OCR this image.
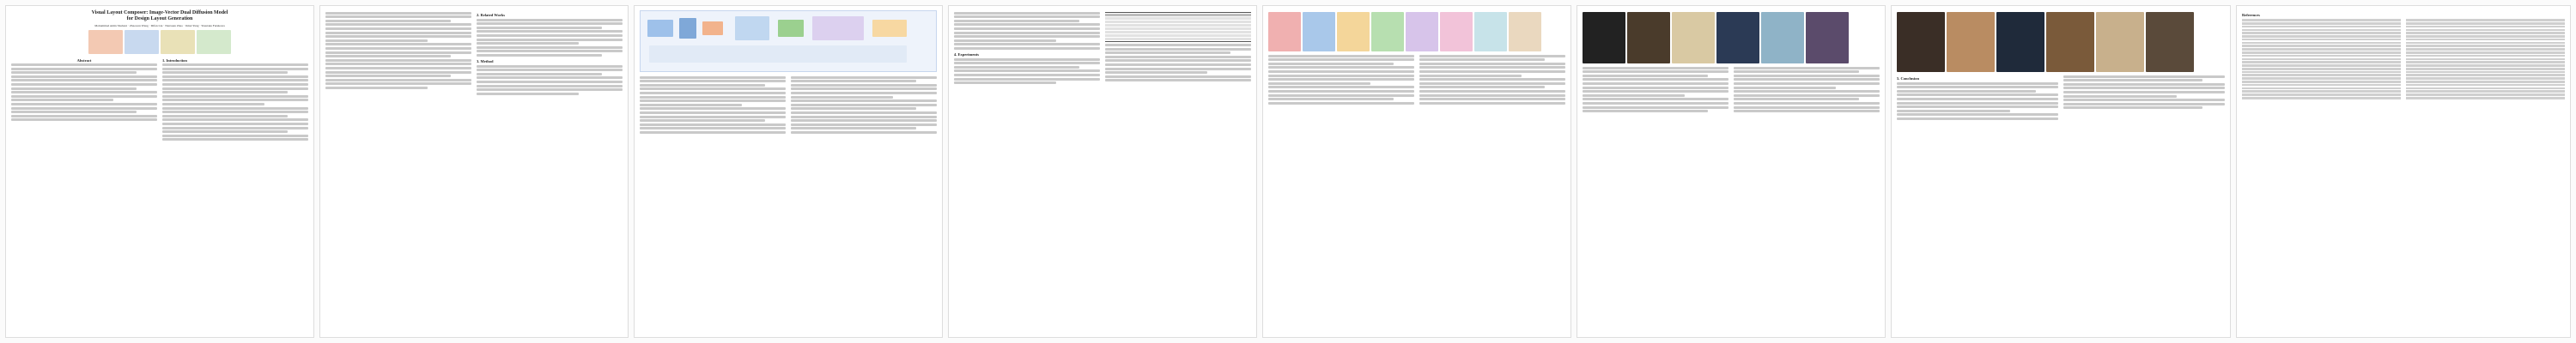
Visual Layout Composer: Image-Vector Dual Diffusion Model
for Design Layout Generation
Mohammad Amin Shabani · Zhaowen Wang · Difan Liu · Nanxuan Zhao · Jimei Yang · Yasutaka Furukawa
Abstract	1. Introduction
2. Related Works
3. Method
4. Experiments
5. Conclusion
References
